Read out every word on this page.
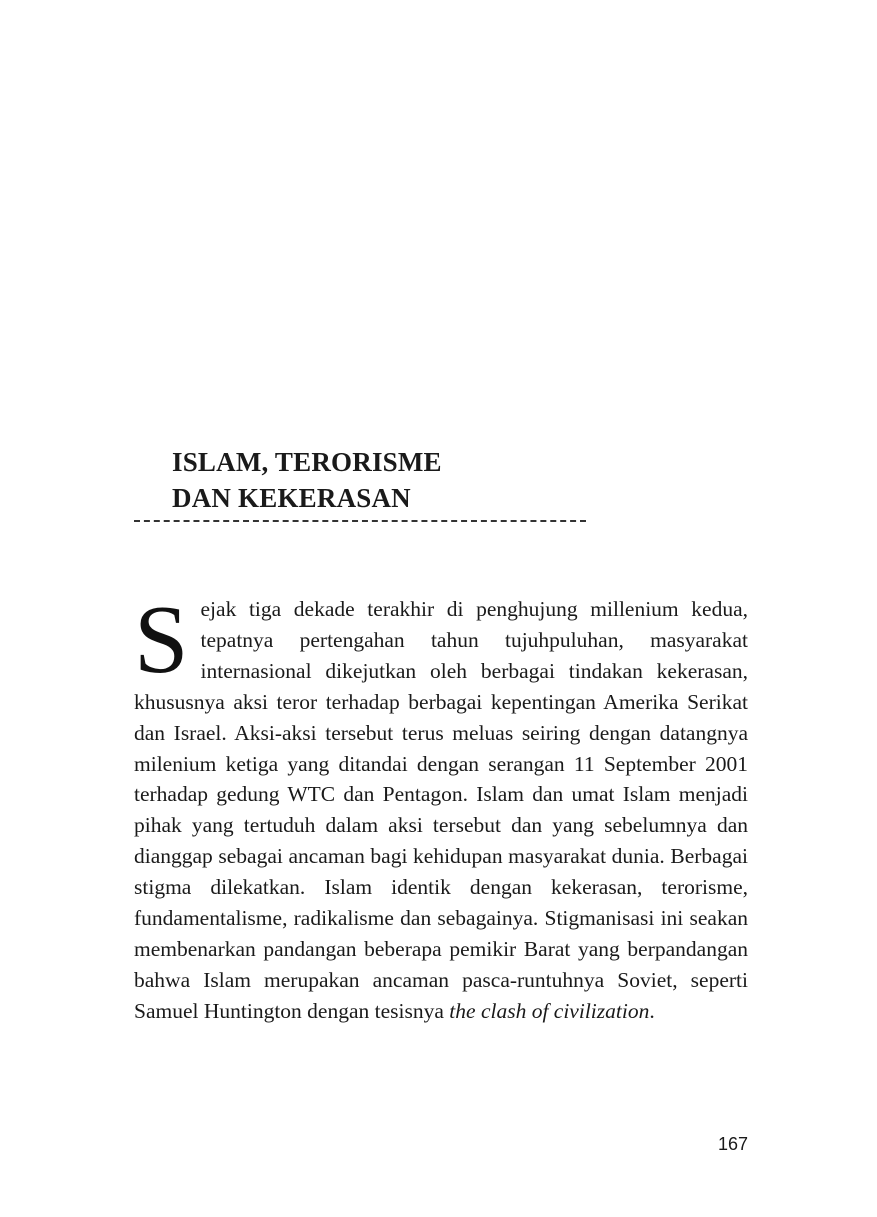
ISLAM, TERORISME
DAN KEKERASAN

Sejak tiga dekade terakhir di penghujung millenium kedua, tepatnya pertengahan tahun tujuhpuluhan, masyarakat internasional dikejutkan oleh berbagai tindakan kekerasan, khususnya aksi teror terhadap berbagai kepentingan Amerika Serikat dan Israel. Aksi-aksi tersebut terus meluas seiring dengan datangnya milenium ketiga yang ditandai dengan serangan 11 September 2001 terhadap gedung WTC dan Pentagon. Islam dan umat Islam menjadi pihak yang tertuduh dalam aksi tersebut dan yang sebelumnya dan dianggap sebagai ancaman bagi kehidupan masyarakat dunia. Berbagai stigma dilekatkan. Islam identik dengan kekerasan, terorisme, fundamentalisme, radikalisme dan sebagainya. Stigmanisasi ini seakan membenarkan pandangan beberapa pemikir Barat yang berpandangan bahwa Islam merupakan ancaman pasca-runtuhnya Soviet, seperti Samuel Huntington dengan tesisnya the clash of civilization.

167
